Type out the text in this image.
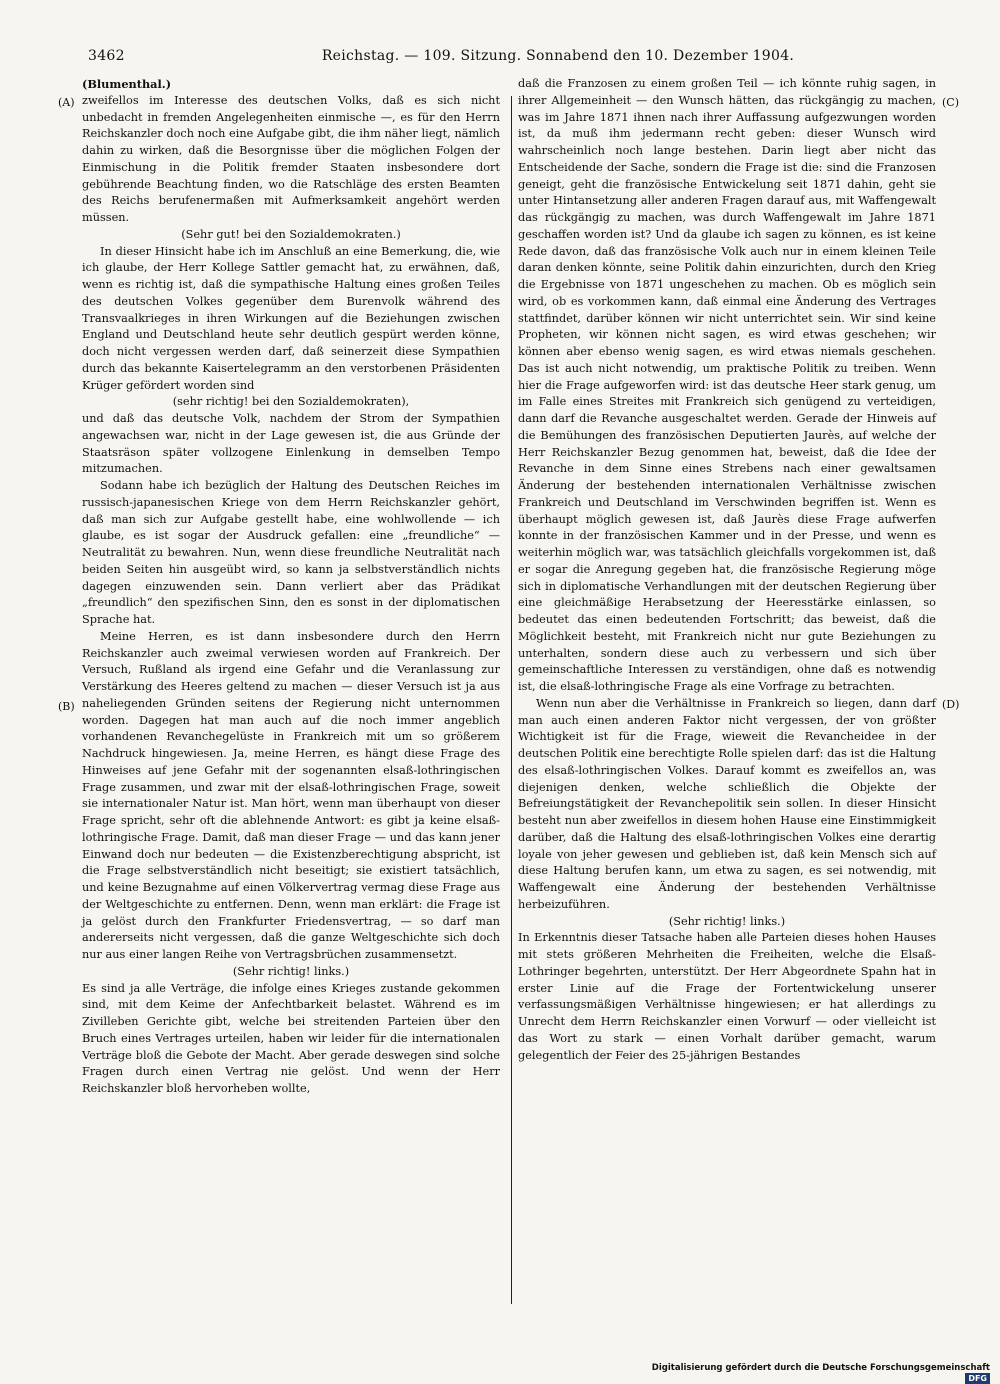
3462	Reichstag. — 109. Sitzung. Sonnabend den 10. Dezember 1904.
(A)
(B)
(C)
(D)

(Blumenthal.)

zweifellos im Interesse des deutschen Volks, daß es sich nicht unbedacht in fremden Angelegenheiten einmische —, es für den Herrn Reichskanzler doch noch eine Aufgabe gibt, die ihm näher liegt, nämlich dahin zu wirken, daß die Besorgnisse über die möglichen Folgen der Einmischung in die Politik fremder Staaten insbesondere dort gebührende Beachtung finden, wo die Ratschläge des ersten Beamten des Reichs berufenermaßen mit Aufmerksamkeit angehört werden müssen.

(Sehr gut! bei den Sozialdemokraten.)

In dieser Hinsicht habe ich im Anschluß an eine Bemerkung, die, wie ich glaube, der Herr Kollege Sattler gemacht hat, zu erwähnen, daß, wenn es richtig ist, daß die sympathische Haltung eines großen Teiles des deutschen Volkes gegenüber dem Burenvolk während des Transvaalkrieges in ihren Wirkungen auf die Beziehungen zwischen England und Deutschland heute sehr deutlich gespürt werden könne, doch nicht vergessen werden darf, daß seinerzeit diese Sympathien durch das bekannte Kaisertelegramm an den verstorbenen Präsidenten Krüger gefördert worden sind

(sehr richtig! bei den Sozialdemokraten),

und daß das deutsche Volk, nachdem der Strom der Sympathien angewachsen war, nicht in der Lage gewesen ist, die aus Gründe der Staatsräson später vollzogene Einlenkung in demselben Tempo mitzumachen.

Sodann habe ich bezüglich der Haltung des Deutschen Reiches im russisch-japanesischen Kriege von dem Herrn Reichskanzler gehört, daß man sich zur Aufgabe gestellt habe, eine wohlwollende — ich glaube, es ist sogar der Ausdruck gefallen: eine „freundliche“ — Neutralität zu bewahren. Nun, wenn diese freundliche Neutralität nach beiden Seiten hin ausgeübt wird, so kann ja selbstverständlich nichts dagegen einzuwenden sein. Dann verliert aber das Prädikat „freundlich“ den spezifischen Sinn, den es sonst in der diplomatischen Sprache hat.

Meine Herren, es ist dann insbesondere durch den Herrn Reichskanzler auch zweimal verwiesen worden auf Frankreich. Der Versuch, Rußland als irgend eine Gefahr und die Veranlassung zur Verstärkung des Heeres geltend zu machen — dieser Versuch ist ja aus naheliegenden Gründen seitens der Regierung nicht unternommen worden. Dagegen hat man auch auf die noch immer angeblich vorhandenen Revanchegelüste in Frankreich mit um so größerem Nachdruck hingewiesen. Ja, meine Herren, es hängt diese Frage des Hinweises auf jene Gefahr mit der sogenannten elsaß-lothringischen Frage zusammen, und zwar mit der elsaß-lothringischen Frage, soweit sie internationaler Natur ist. Man hört, wenn man überhaupt von dieser Frage spricht, sehr oft die ablehnende Antwort: es gibt ja keine elsaß-lothringische Frage. Damit, daß man dieser Frage — und das kann jener Einwand doch nur bedeuten — die Existenzberechtigung abspricht, ist die Frage selbstverständlich nicht beseitigt; sie existiert tatsächlich, und keine Bezugnahme auf einen Völkervertrag vermag diese Frage aus der Weltgeschichte zu entfernen. Denn, wenn man erklärt: die Frage ist ja gelöst durch den Frankfurter Friedensvertrag, — so darf man andererseits nicht vergessen, daß die ganze Weltgeschichte sich doch nur aus einer langen Reihe von Vertragsbrüchen zusammensetzt.

(Sehr richtig! links.)

Es sind ja alle Verträge, die infolge eines Krieges zustande gekommen sind, mit dem Keime der Anfechtbarkeit belastet. Während es im Zivilleben Gerichte gibt, welche bei streitenden Parteien über den Bruch eines Vertrages urteilen, haben wir leider für die internationalen Verträge bloß die Gebote der Macht. Aber gerade deswegen sind solche Fragen durch einen Vertrag nie gelöst. Und wenn der Herr Reichskanzler bloß hervorheben wollte,

daß die Franzosen zu einem großen Teil — ich könnte ruhig sagen, in ihrer Allgemeinheit — den Wunsch hätten, das rückgängig zu machen, was im Jahre 1871 ihnen nach ihrer Auffassung aufgezwungen worden ist, da muß ihm jedermann recht geben: dieser Wunsch wird wahrscheinlich noch lange bestehen. Darin liegt aber nicht das Entscheidende der Sache, sondern die Frage ist die: sind die Franzosen geneigt, geht die französische Entwickelung seit 1871 dahin, geht sie unter Hintansetzung aller anderen Fragen darauf aus, mit Waffengewalt das rückgängig zu machen, was durch Waffengewalt im Jahre 1871 geschaffen worden ist? Und da glaube ich sagen zu können, es ist keine Rede davon, daß das französische Volk auch nur in einem kleinen Teile daran denken könnte, seine Politik dahin einzurichten, durch den Krieg die Ergebnisse von 1871 ungeschehen zu machen. Ob es möglich sein wird, ob es vorkommen kann, daß einmal eine Änderung des Vertrages stattfindet, darüber können wir nicht unterrichtet sein. Wir sind keine Propheten, wir können nicht sagen, es wird etwas geschehen; wir können aber ebenso wenig sagen, es wird etwas niemals geschehen. Das ist auch nicht notwendig, um praktische Politik zu treiben. Wenn hier die Frage aufgeworfen wird: ist das deutsche Heer stark genug, um im Falle eines Streites mit Frankreich sich genügend zu verteidigen, dann darf die Revanche ausgeschaltet werden. Gerade der Hinweis auf die Bemühungen des französischen Deputierten Jaurès, auf welche der Herr Reichskanzler Bezug genommen hat, beweist, daß die Idee der Revanche in dem Sinne eines Strebens nach einer gewaltsamen Änderung der bestehenden internationalen Verhältnisse zwischen Frankreich und Deutschland im Verschwinden begriffen ist. Wenn es überhaupt möglich gewesen ist, daß Jaurès diese Frage aufwerfen konnte in der französischen Kammer und in der Presse, und wenn es weiterhin möglich war, was tatsächlich gleichfalls vorgekommen ist, daß er sogar die Anregung gegeben hat, die französische Regierung möge sich in diplomatische Verhandlungen mit der deutschen Regierung über eine gleichmäßige Herabsetzung der Heeresstärke einlassen, so bedeutet das einen bedeutenden Fortschritt; das beweist, daß die Möglichkeit besteht, mit Frankreich nicht nur gute Beziehungen zu unterhalten, sondern diese auch zu verbessern und sich über gemeinschaftliche Interessen zu verständigen, ohne daß es notwendig ist, die elsaß-lothringische Frage als eine Vorfrage zu betrachten.

Wenn nun aber die Verhältnisse in Frankreich so liegen, dann darf man auch einen anderen Faktor nicht vergessen, der von größter Wichtigkeit ist für die Frage, wieweit die Revancheidee in der deutschen Politik eine berechtigte Rolle spielen darf: das ist die Haltung des elsaß-lothringischen Volkes. Darauf kommt es zweifellos an, was diejenigen denken, welche schließlich die Objekte der Befreiungstätigkeit der Revanchepolitik sein sollen. In dieser Hinsicht besteht nun aber zweifellos in diesem hohen Hause eine Einstimmigkeit darüber, daß die Haltung des elsaß-lothringischen Volkes eine derartig loyale von jeher gewesen und geblieben ist, daß kein Mensch sich auf diese Haltung berufen kann, um etwa zu sagen, es sei notwendig, mit Waffengewalt eine Änderung der bestehenden Verhältnisse herbeizuführen.

(Sehr richtig! links.)

In Erkenntnis dieser Tatsache haben alle Parteien dieses hohen Hauses mit stets größeren Mehrheiten die Freiheiten, welche die Elsaß-Lothringer begehrten, unterstützt. Der Herr Abgeordnete Spahn hat in erster Linie auf die Frage der Fortentwickelung unserer verfassungsmäßigen Verhältnisse hingewiesen; er hat allerdings zu Unrecht dem Herrn Reichskanzler einen Vorwurf — oder vielleicht ist das Wort zu stark — einen Vorhalt darüber gemacht, warum gelegentlich der Feier des 25-jährigen Bestandes

Digitalisierung gefördert durch die Deutsche Forschungsgemeinschaft DFG
